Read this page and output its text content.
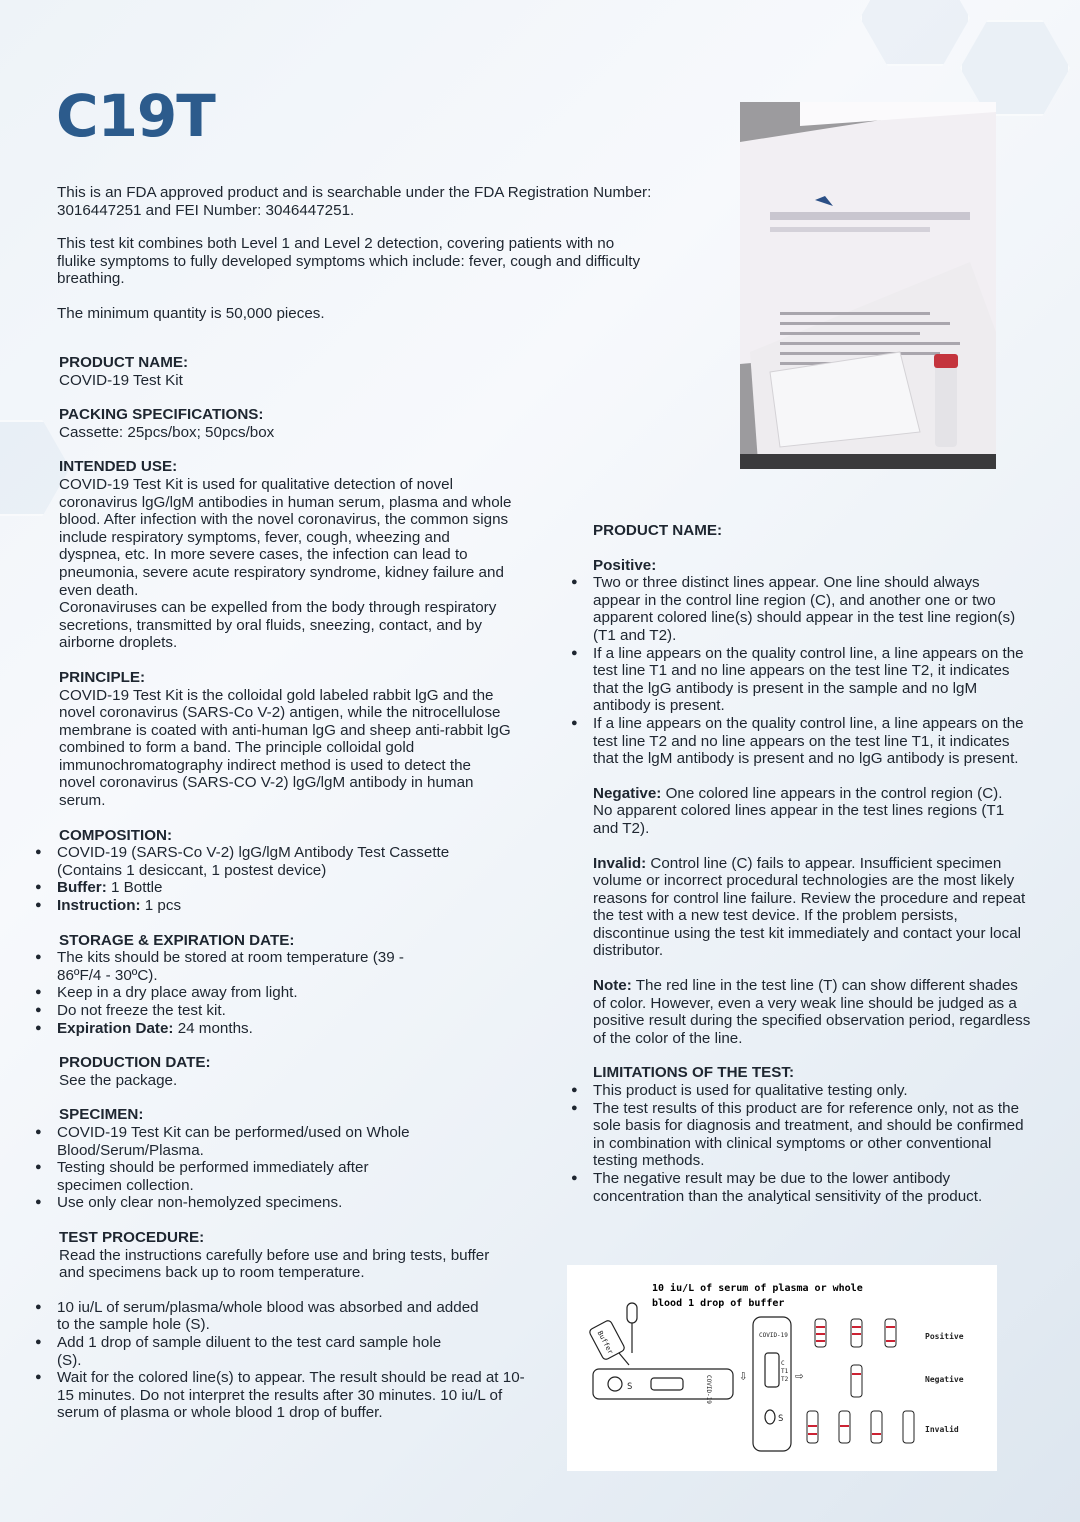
C19T
This is an FDA approved product and is searchable under the FDA Registration Number: 3016447251 and FEI Number: 3046447251.
This test kit combines both Level 1 and Level 2 detection, covering patients with no flulike symptoms to fully developed symptoms which include: fever, cough and difficulty breathing.
The minimum quantity is 50,000 pieces.
PRODUCT NAME:
COVID-19 Test Kit
PACKING SPECIFICATIONS:
Cassette: 25pcs/box; 50pcs/box
INTENDED USE:
COVID-19 Test Kit is used for qualitative detection of novel coronavirus lgG/lgM antibodies in human serum, plasma and whole blood. After infection with the novel coronavirus, the common signs include respiratory symptoms, fever, cough, wheezing and dyspnea, etc. In more severe cases, the infection can lead to pneumonia, severe acute respiratory syndrome, kidney failure and even death.
Coronaviruses can be expelled from the body through respiratory secretions, transmitted by oral fluids, sneezing, contact, and by airborne droplets.
PRINCIPLE:
COVID-19 Test Kit is the colloidal gold labeled rabbit lgG and the novel coronavirus (SARS-Co V-2) antigen, while the nitrocellulose membrane is coated with anti-human lgG and sheep anti-rabbit lgG combined to form a band. The principle colloidal gold immunochromatography indirect method is used to detect the novel coronavirus (SARS-CO V-2) lgG/lgM antibody in human serum.
COMPOSITION:
● COVID-19 (SARS-Co V-2) lgG/lgM Antibody Test Cassette (Contains 1 desiccant, 1 postest device)
● Buffer: 1 Bottle
● Instruction: 1 pcs
STORAGE & EXPIRATION DATE:
● The kits should be stored at room temperature (39 - 86ºF/4 - 30ºC).
● Keep in a dry place away from light.
● Do not freeze the test kit.
● Expiration Date: 24 months.
PRODUCTION DATE:
See the package.
SPECIMEN:
● COVID-19 Test Kit can be performed/used on Whole Blood/Serum/Plasma.
● Testing should be performed immediately after specimen collection.
● Use only clear non-hemolyzed specimens.
TEST PROCEDURE:
Read the instructions carefully before use and bring tests, buffer and specimens back up to room temperature.
● 10 iu/L of serum/plasma/whole blood was absorbed and added to the sample hole (S).
● Add 1 drop of sample diluent to the test card sample hole (S).
● Wait for the colored line(s) to appear. The result should be read at 10-15 minutes. Do not interpret the results after 30 minutes. 10 iu/L of serum of plasma or whole blood 1 drop of buffer.
PRODUCT NAME:
Positive:
● Two or three distinct lines appear. One line should always appear in the control line region (C), and another one or two apparent colored line(s) should appear in the test line region(s) (T1 and T2).
● If a line appears on the quality control line, a line appears on the test line T1 and no line appears on the test line T2, it indicates that the lgG antibody is present in the sample and no lgM antibody is present.
● If a line appears on the quality control line, a line appears on the test line T2 and no line appears on the test line T1, it indicates that the lgM antibody is present and no lgG antibody is present.
Negative: One colored line appears in the control region (C). No apparent colored lines appear in the test lines regions (T1 and T2).
Invalid: Control line (C) fails to appear. Insufficient specimen volume or incorrect procedural technologies are the most likely reasons for control line failure. Review the procedure and repeat the test with a new test device. If the problem persists, discontinue using the test kit immediately and contact your local distributor.
Note: The red line in the test line (T) can show different shades of color. However, even a very weak line should be judged as a positive result during the specified observation period, regardless of the color of the line.
LIMITATIONS OF THE TEST:
● This product is used for qualitative testing only.
● The test results of this product are for reference only, not as the sole basis for diagnosis and treatment, and should be confirmed in combination with clinical symptoms or other conventional testing methods.
● The negative result may be due to the lower antibody concentration than the analytical sensitivity of the product.
10 iu/L of serum of plasma or whole
blood 1 drop of buffer
Buffer
S	COVID-19 ⇩
COVID-19
C
T1
T2
S
⇨
Positive
Negative
Invalid
